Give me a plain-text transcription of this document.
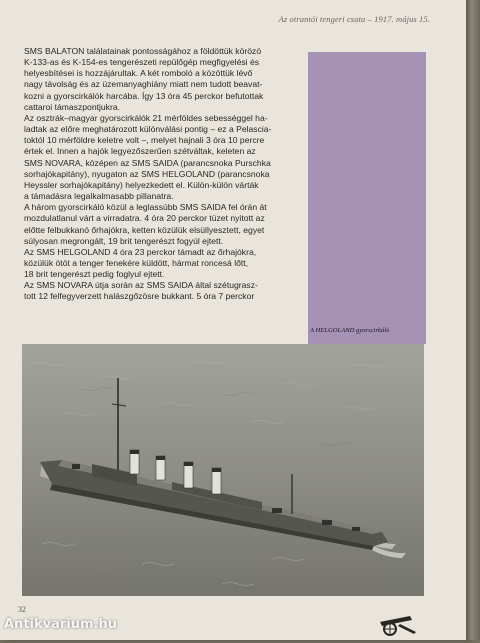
Az otrantói tengeri csata – 1917. május 15.

SMS BALATON találatainak pontosságához a földöttük körözö
K-133-as és K-154-es tengerészeti repülőgép megfigyelési és
helyesbítései is hozzájárultak. A két romboló a közöttük lévő
nagy távolság és az üzemanyaghiány miatt nem tudott beavat-
kozni a gyorscirkálók harcába. Így 13 óra 45 perckor befutottak
cattaroi támaszpontjukra.

Az osztrák–magyar gyorscirkálók 21 mérföldes sebességgel ha-
ladtak az előre meghatározott különválási pontig – ez a Pelascia-
toktól 10 mérföldre keletre volt –, melyet hajnali 3 óra 10 percre
értek el. Innen a hajók legyezőszerűen szétváltak, keleten az
SMS NOVARA, középen az SMS SAIDA (parancsnoka Purschka
sorhajókapitány), nyugaton az SMS HELGOLAND (parancsnoka
Heyssler sorhajókapitány) helyezkedett el. Külön-külön várták
a támadásra legalkalmasabb pillanatra.

A három gyorscirkáló közül a leglassúbb SMS SAIDA fel órán át
mozdulatlanul várt a virradatra. 4 óra 20 perckor tüzet nyitott az
előtte felbukkanó őrhajókra, ketten közülük elsüllyesztett, egyet
súlyosan megrongált, 19 brit tengerészt fogyúl ejtett.

Az SMS HELGOLAND 4 óra 23 perckor támadt az őrhajókra,
közülük ötöt a tenger fenekére küldött, hármat roncesá lőtt,
18 brit tengerészt pedig foglyul ejtett.

Az SMS NOVARA útja során az SMS SAIDA által szétugrasz-
tott 12 felfegyverzett halászgőzösre bukkant. 5 óra 7 perckor

A HELGOLAND gyorscirkáló
32
Antikvarium.hu
